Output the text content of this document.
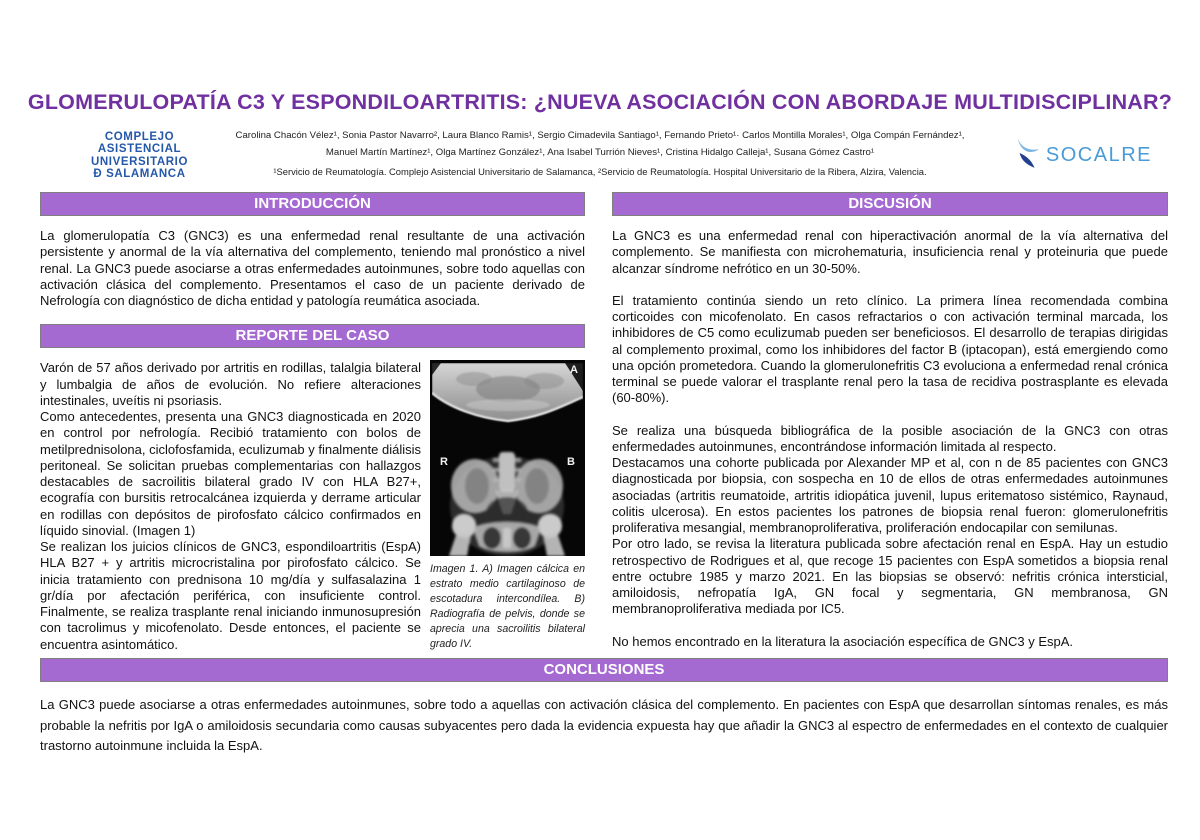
GLOMERULOPATÍA C3 Y ESPONDILOARTRITIS: ¿NUEVA ASOCIACIÓN CON ABORDAJE MULTIDISCIPLINAR?
COMPLEJO
ASISTENCIAL
UNIVERSITARIO
Ð SALAMANCA
Carolina Chacón Vélez¹, Sonia Pastor Navarro², Laura Blanco Ramis¹, Sergio Cimadevila Santiago¹, Fernando Prieto¹· Carlos Montilla Morales¹, Olga Compán Fernández¹,
Manuel Martín Martínez¹, Olga Martínez González¹, Ana Isabel Turrión Nieves¹, Cristina Hidalgo Calleja¹, Susana Gómez Castro¹
¹Servicio de Reumatología. Complejo Asistencial Universitario de Salamanca, ²Servicio de Reumatología. Hospital Universitario de la Ribera, Alzira, Valencia.
SOCALRE
INTRODUCCIÓN

La glomerulopatía C3 (GNC3) es una enfermedad renal resultante de una activación persistente y anormal de la vía alternativa del complemento, teniendo mal pronóstico a nivel renal. La GNC3 puede asociarse a otras enfermedades autoinmunes, sobre todo aquellas con activación clásica del complemento. Presentamos el caso de un paciente derivado de Nefrología con diagnóstico de dicha entidad y patología reumática asociada.

REPORTE DEL CASO
A
R	B
Imagen 1. A) Imagen cálcica en estrato medio cartilaginoso de escotadura intercondílea. B) Radiografía de pelvis, donde se aprecia una sacroilitis bilateral grado IV.

Varón de 57 años derivado por artritis en rodillas, talalgia bilateral y lumbalgia de años de evolución. No refiere alteraciones intestinales, uveítis ni psoriasis.

Como antecedentes, presenta una GNC3 diagnosticada en 2020 en control por nefrología. Recibió tratamiento con bolos de metilprednisolona, ciclofosfamida, eculizumab y finalmente diálisis peritoneal. Se solicitan pruebas complementarias con hallazgos destacables de sacroilitis bilateral grado IV con HLA B27+, ecografía con bursitis retrocalcánea izquierda y derrame articular en rodillas con depósitos de pirofosfato cálcico confirmados en líquido sinovial. (Imagen 1)

Se realizan los juicios clínicos de GNC3, espondiloartritis (EspA) HLA B27 + y artritis microcristalina por pirofosfato cálcico. Se inicia tratamiento con prednisona 10 mg/día y sulfasalazina 1 gr/día por afectación periférica, con insuficiente control. Finalmente, se realiza trasplante renal iniciando inmunosupresión con tacrolimus y micofenolato. Desde entonces, el paciente se encuentra asintomático.

DISCUSIÓN

La GNC3 es una enfermedad renal con hiperactivación anormal de la vía alternativa del complemento. Se manifiesta con microhematuria, insuficiencia renal y proteinuria que puede alcanzar síndrome nefrótico en un 30-50%.

El tratamiento continúa siendo un reto clínico. La primera línea recomendada combina corticoides con micofenolato. En casos refractarios o con activación terminal marcada, los inhibidores de C5 como eculizumab pueden ser beneficiosos. El desarrollo de terapias dirigidas al complemento proximal, como los inhibidores del factor B (iptacopan), está emergiendo como una opción prometedora. Cuando la glomerulonefritis C3 evoluciona a enfermedad renal crónica terminal se puede valorar el trasplante renal pero la tasa de recidiva postrasplante es elevada (60-80%).

Se realiza una búsqueda bibliográfica de la posible asociación de la GNC3 con otras enfermedades autoinmunes, encontrándose información limitada al respecto.

Destacamos una cohorte publicada por Alexander MP et al, con n de 85 pacientes con GNC3 diagnosticada por biopsia, con sospecha en 10 de ellos de otras enfermedades autoinmunes asociadas (artritis reumatoide, artritis idiopática juvenil, lupus eritematoso sistémico, Raynaud, colitis ulcerosa). En estos pacientes los patrones de biopsia renal fueron: glomerulonefritis proliferativa mesangial, membranoproliferativa, proliferación endocapilar con semilunas.

Por otro lado, se revisa la literatura publicada sobre afectación renal en EspA. Hay un estudio retrospectivo de Rodrigues et al, que recoge 15 pacientes con EspA sometidos a biopsia renal entre octubre 1985 y marzo 2021. En las biopsias se observó: nefritis crónica intersticial, amiloidosis, nefropatía IgA, GN focal y segmentaria, GN membranosa, GN membranoproliferativa mediada por IC5.

No hemos encontrado en la literatura la asociación específica de GNC3 y EspA.

CONCLUSIONES
La GNC3 puede asociarse a otras enfermedades autoinmunes, sobre todo a aquellas con activación clásica del complemento. En pacientes con EspA que desarrollan síntomas renales, es más probable la nefritis por IgA o amiloidosis secundaria como causas subyacentes pero dada la evidencia expuesta hay que añadir la GNC3 al espectro de enfermedades en el contexto de cualquier trastorno autoinmune incluida la EspA.
